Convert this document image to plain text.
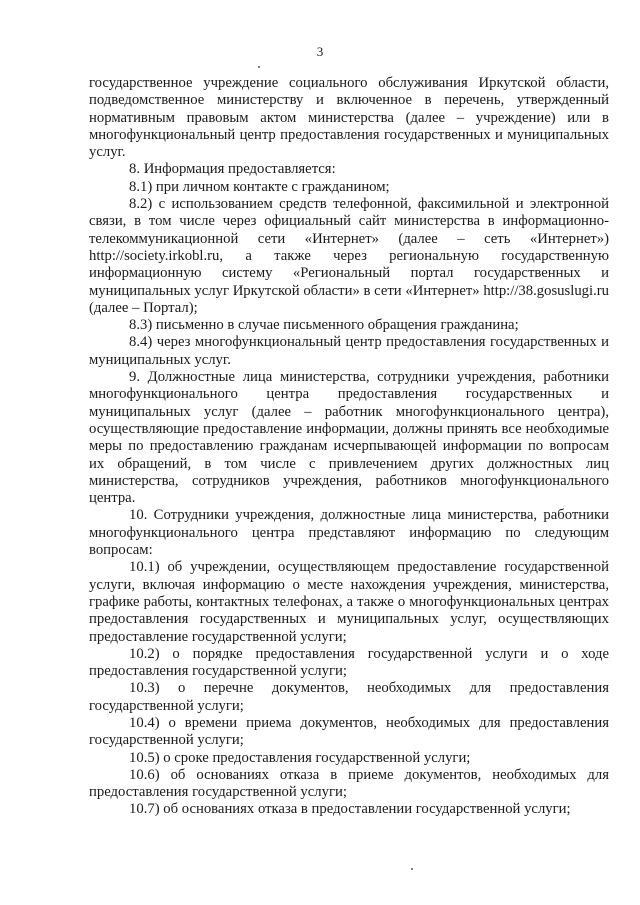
3

государственное учреждение социального обслуживания Иркутской области, подведомственное министерству и включенное в перечень, утвержденный нормативным правовым актом министерства (далее – учреждение) или в многофункциональный центр предоставления государственных и муниципальных услуг.

8. Информация предоставляется:

8.1) при личном контакте с гражданином;

8.2) с использованием средств телефонной, факсимильной и электронной связи, в том числе через официальный сайт министерства в информационно-телекоммуникационной сети «Интернет» (далее – сеть «Интернет») http://society.irkobl.ru, а также через региональную государственную информационную систему «Региональный портал государственных и муниципальных услуг Иркутской области» в сети «Интернет» http://38.gosuslugi.ru (далее – Портал);

8.3) письменно в случае письменного обращения гражданина;

8.4) через многофункциональный центр предоставления государственных и муниципальных услуг.

9. Должностные лица министерства, сотрудники учреждения, работники многофункционального центра предоставления государственных и муниципальных услуг (далее – работник многофункционального центра), осуществляющие предоставление информации, должны принять все необходимые меры по предоставлению гражданам исчерпывающей информации по вопросам их обращений, в том числе с привлечением других должностных лиц министерства, сотрудников учреждения, работников многофункционального центра.

10. Сотрудники учреждения, должностные лица министерства, работники многофункционального центра представляют информацию по следующим вопросам:

10.1) об учреждении, осуществляющем предоставление государственной услуги, включая информацию о месте нахождения учреждения, министерства, графике работы, контактных телефонах, а также о многофункциональных центрах предоставления государственных и муниципальных услуг, осуществляющих предоставление государственной услуги;

10.2) о порядке предоставления государственной услуги и о ходе предоставления государственной услуги;

10.3) о перечне документов, необходимых для предоставления государственной услуги;

10.4) о времени приема документов, необходимых для предоставления государственной услуги;

10.5) о сроке предоставления государственной услуги;

10.6) об основаниях отказа в приеме документов, необходимых для предоставления государственной услуги;

10.7) об основаниях отказа в предоставлении государственной услуги;
